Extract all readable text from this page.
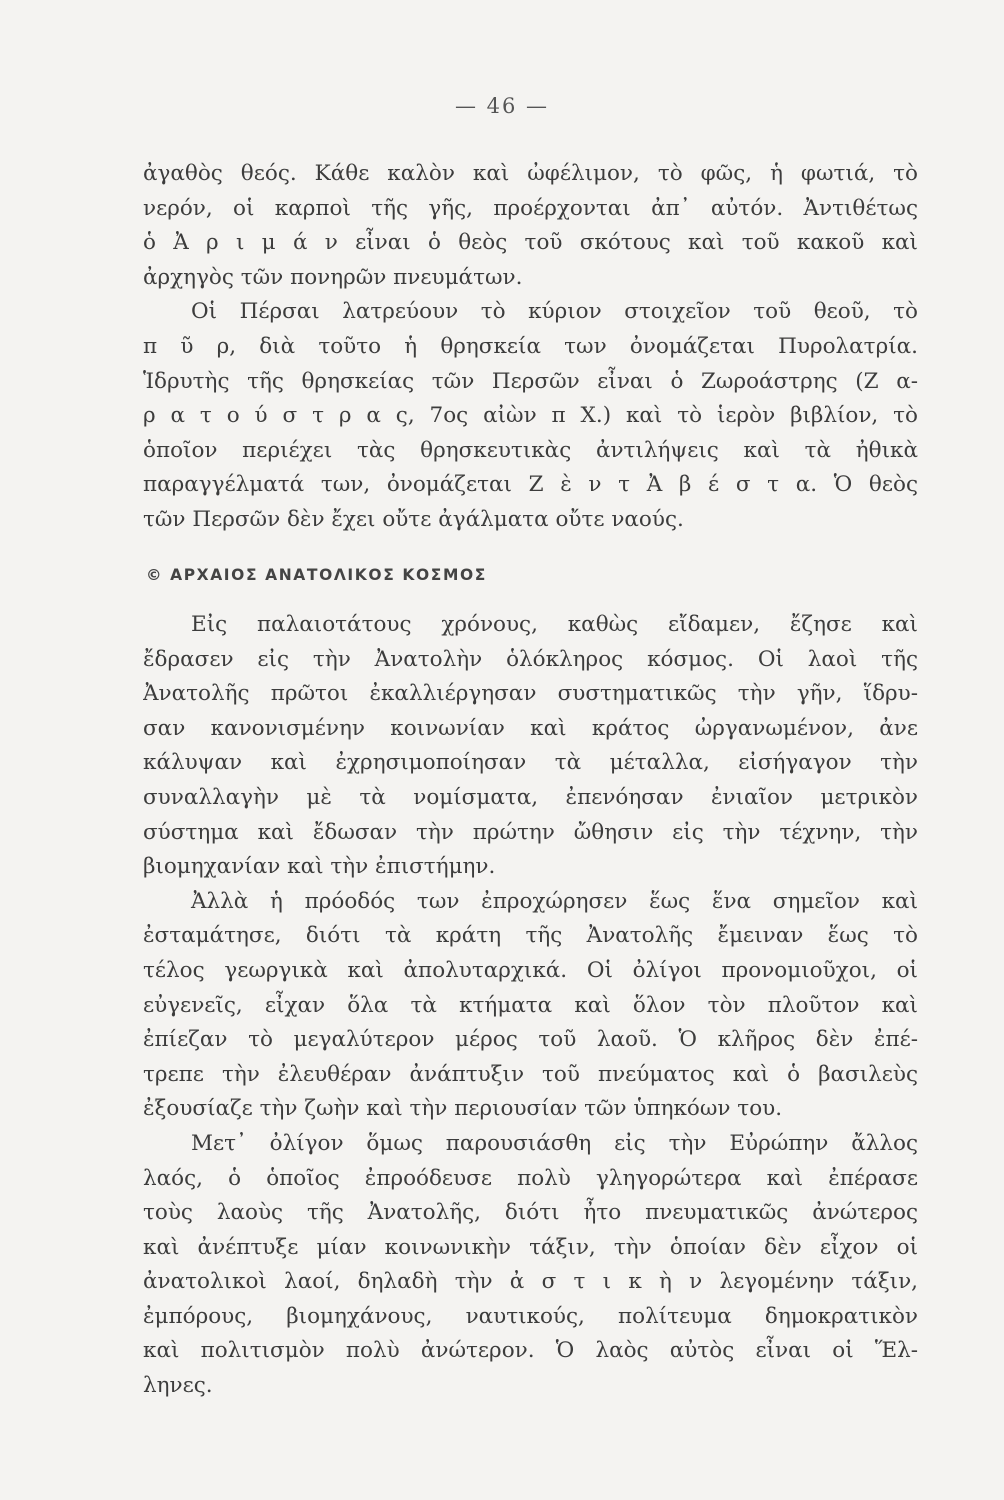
— 46 —
ἀγαθὸς θεός. Κάθε καλὸν καὶ ὠφέλιμον, τὸ φῶς, ἡ φωτιά, τὸ
νερόν, οἱ καρποὶ τῆς γῆς, προέρχονται ἀπ᾿ αὐτόν. Ἀντιθέτως
ὁ Ἀ ρ ι μ ά ν εἶναι ὁ θεὸς τοῦ σκότους καὶ τοῦ κακοῦ καὶ
ἀρχηγὸς τῶν πονηρῶν πνευμάτων.
Οἱ Πέρσαι λατρεύουν τὸ κύριον στοιχεῖον τοῦ θεοῦ, τὸ
π ῦ ρ, διὰ τοῦτο ἡ θρησκεία των ὀνομάζεται Πυρολατρία.
Ἱδρυτὴς τῆς θρησκείας τῶν Περσῶν εἶναι ὁ Ζωροάστρης (Ζ α-
ρ α τ ο ύ σ τ ρ α ς, 7ος αἰὼν π Χ.) καὶ τὸ ἱερὸν βιβλίον, τὸ
ὁποῖον περιέχει τὰς θρησκευτικὰς ἀντιλήψεις καὶ τὰ ἠθικὰ
παραγγέλματά των, ὀνομάζεται Ζ ὲ ν τ Ἀ β έ σ τ α. Ὁ θεὸς
τῶν Περσῶν δὲν ἔχει οὔτε ἀγάλματα οὔτε ναούς.
© ΑΡΧΑΙΟΣ ΑΝΑΤΟΛΙΚΟΣ ΚΟΣΜΟΣ
Εἰς παλαιοτάτους χρόνους, καθὼς εἴδαμεν, ἔζησε καὶ
ἔδρασεν εἰς τὴν Ἀνατολὴν ὁλόκληρος κόσμος. Οἱ λαοὶ τῆς
Ἀνατολῆς πρῶτοι ἐκαλλιέργησαν συστηματικῶς τὴν γῆν, ἵδρυ-
σαν κανονισμένην κοινωνίαν καὶ κράτος ὠργανωμένον, ἀνε
κάλυψαν καὶ ἐχρησιμοποίησαν τὰ μέταλλα, εἰσήγαγον τὴν
συναλλαγὴν μὲ τὰ νομίσματα, ἐπενόησαν ἐνιαῖον μετρικὸν
σύστημα καὶ ἔδωσαν τὴν πρώτην ὤθησιν εἰς τὴν τέχνην, τὴν
βιομηχανίαν καὶ τὴν ἐπιστήμην.
Ἀλλὰ ἡ πρόοδός των ἐπροχώρησεν ἕως ἕνα σημεῖον καὶ
ἐσταμάτησε, διότι τὰ κράτη τῆς Ἀνατολῆς ἔμειναν ἕως τὸ
τέλος γεωργικὰ καὶ ἀπολυταρχικά. Οἱ ὀλίγοι προνομιοῦχοι, οἱ
εὐγενεῖς, εἶχαν ὅλα τὰ κτήματα καὶ ὅλον τὸν πλοῦτον καὶ
ἐπίεζαν τὸ μεγαλύτερον μέρος τοῦ λαοῦ. Ὁ κλῆρος δὲν ἐπέ-
τρεπε τὴν ἐλευθέραν ἀνάπτυξιν τοῦ πνεύματος καὶ ὁ βασιλεὺς
ἐξουσίαζε τὴν ζωὴν καὶ τὴν περιουσίαν τῶν ὑπηκόων του.
Μετ᾿ ὀλίγον ὅμως παρουσιάσθη εἰς τὴν Εὐρώπην ἄλλος
λαός, ὁ ὁποῖος ἐπροόδευσε πολὺ γληγορώτερα καὶ ἐπέρασε
τοὺς λαοὺς τῆς Ἀνατολῆς, διότι ἦτο πνευματικῶς ἀνώτερος
καὶ ἀνέπτυξε μίαν κοινωνικὴν τάξιν, τὴν ὁποίαν δὲν εἶχον οἱ
ἀνατολικοὶ λαοί, δηλαδὴ τὴν ἀ σ τ ι κ ὴ ν λεγομένην τάξιν,
ἐμπόρους, βιομηχάνους, ναυτικούς, πολίτευμα δημοκρατικὸν
καὶ πολιτισμὸν πολὺ ἀνώτερον. Ὁ λαὸς αὐτὸς εἶναι οἱ Ἕλ-
ληνες.
